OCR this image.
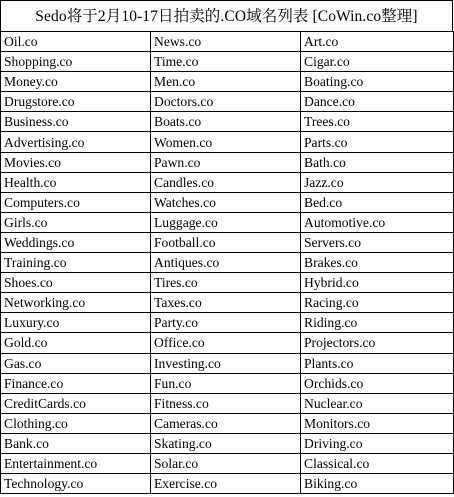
Sedo将于2月10-17日拍卖的.CO域名列表 [CoWin.co整理]
Oil.co	News.co	Art.co
Shopping.co	Time.co	Cigar.co
Money.co	Men.co	Boating.co
Drugstore.co	Doctors.co	Dance.co
Business.co	Boats.co	Trees.co
Advertising.co	Women.co	Parts.co
Movies.co	Pawn.co	Bath.co
Health.co	Candles.co	Jazz.co
Computers.co	Watches.co	Bed.co
Girls.co	Luggage.co	Automotive.co
Weddings.co	Football.co	Servers.co
Training.co	Antiques.co	Brakes.co
Shoes.co	Tires.co	Hybrid.co
Networking.co	Taxes.co	Racing.co
Luxury.co	Party.co	Riding.co
Gold.co	Office.co	Projectors.co
Gas.co	Investing.co	Plants.co
Finance.co	Fun.co	Orchids.co
CreditCards.co	Fitness.co	Nuclear.co
Clothing.co	Cameras.co	Monitors.co
Bank.co	Skating.co	Driving.co
Entertainment.co	Solar.co	Classical.co
Technology.co	Exercise.co	Biking.co
